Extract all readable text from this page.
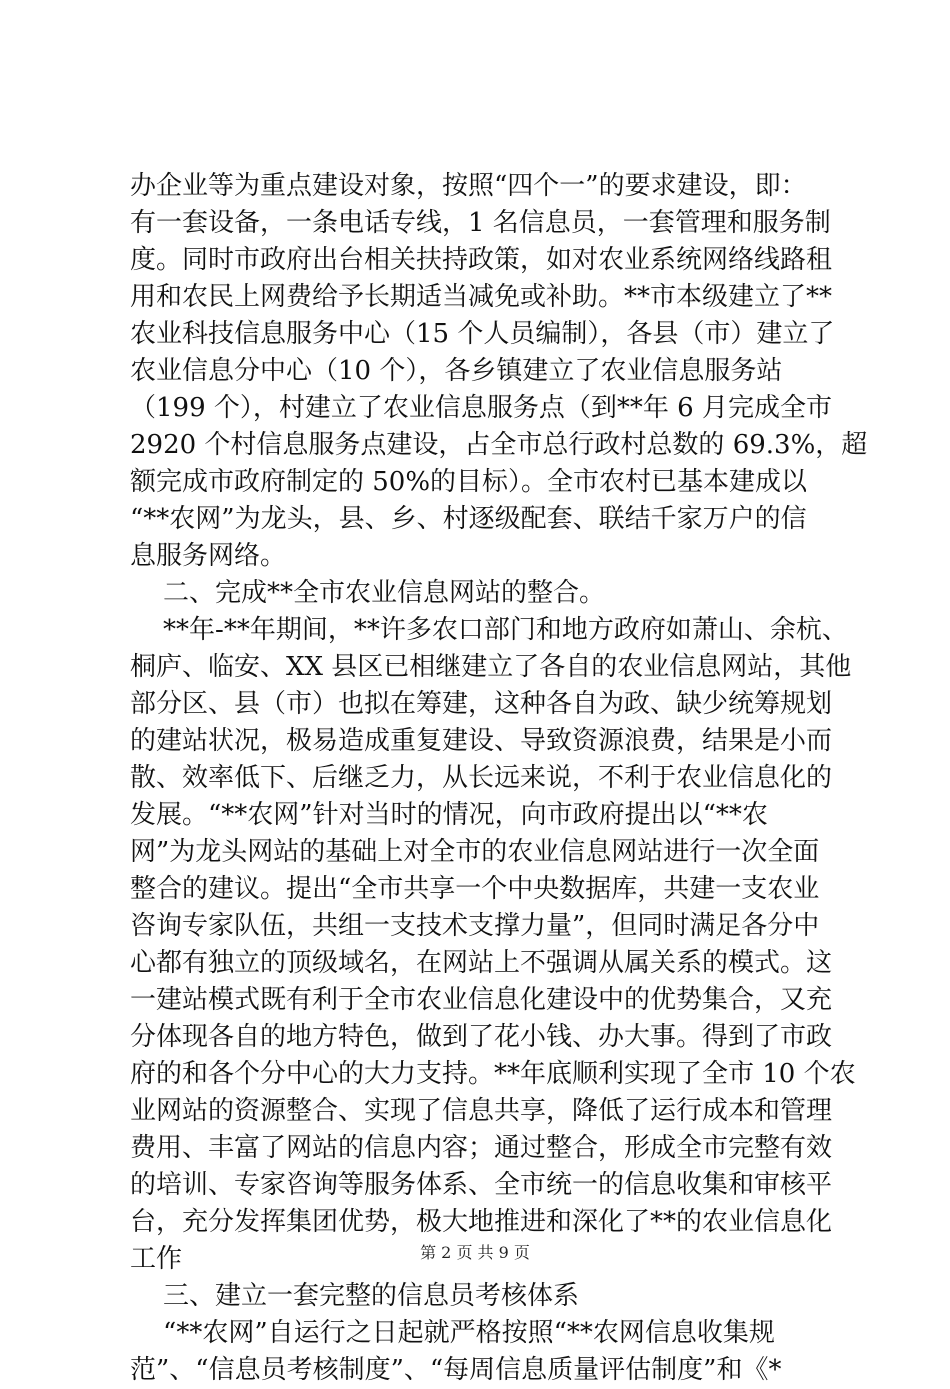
办企业等为重点建设对象，按照“四个一”的要求建设，即：
有一套设备，一条电话专线，1 名信息员，一套管理和服务制
度。同时市政府出台相关扶持政策，如对农业系统网络线路租
用和农民上网费给予长期适当减免或补助。**市本级建立了**
农业科技信息服务中心（15 个人员编制），各县（市）建立了
农业信息分中心（10 个），各乡镇建立了农业信息服务站
（199 个），村建立了农业信息服务点（到**年 6 月完成全市
2920 个村信息服务点建设，占全市总行政村总数的 69.3%，超
额完成市政府制定的 50%的目标）。全市农村已基本建成以
“**农网”为龙头，县、乡、村逐级配套、联结千家万户的信
息服务网络。
二、完成**全市农业信息网站的整合。
**年-**年期间，**许多农口部门和地方政府如萧山、余杭、
桐庐、临安、XX 县区已相继建立了各自的农业信息网站，其他
部分区、县（市）也拟在筹建，这种各自为政、缺少统筹规划
的建站状况，极易造成重复建设、导致资源浪费，结果是小而
散、效率低下、后继乏力，从长远来说，不利于农业信息化的
发展。“**农网”针对当时的情况，向市政府提出以“**农
网”为龙头网站的基础上对全市的农业信息网站进行一次全面
整合的建议。提出“全市共享一个中央数据库，共建一支农业
咨询专家队伍，共组一支技术支撑力量”，但同时满足各分中
心都有独立的顶级域名，在网站上不强调从属关系的模式。这
一建站模式既有利于全市农业信息化建设中的优势集合，又充
分体现各自的地方特色，做到了花小钱、办大事。得到了市政
府的和各个分中心的大力支持。**年底顺利实现了全市 10 个农
业网站的资源整合、实现了信息共享，降低了运行成本和管理
费用、丰富了网站的信息内容；通过整合，形成全市完整有效
的培训、专家咨询等服务体系、全市统一的信息收集和审核平
台，充分发挥集团优势，极大地推进和深化了**的农业信息化
工作
三、建立一套完整的信息员考核体系
“**农网”自运行之日起就严格按照“**农网信息收集规
范”、“信息员考核制度”、“每周信息质量评估制度”和《*
第 2 页 共 9 页
